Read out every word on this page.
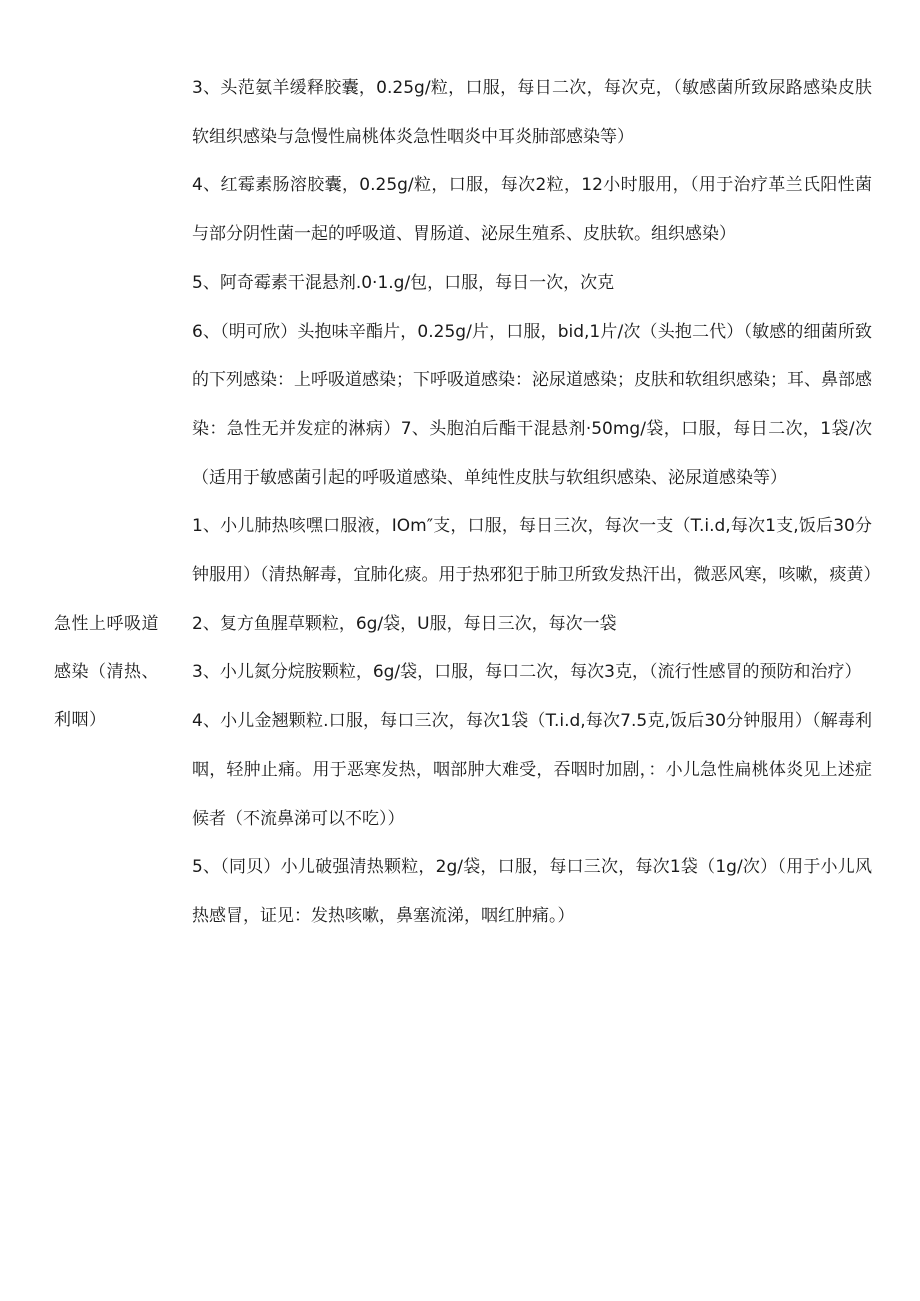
3、头范氨羊缓释胶囊，0.25g/粒，口服，每日二次，每次克，（敏感菌所致尿路感染皮肤软组织感染与急慢性扁桃体炎急性咽炎中耳炎肺部感染等）

4、红霉素肠溶胶囊，0.25g∕粒，口服，每次2粒，12小时服用，（用于治疗革兰氏阳性菌与部分阴性菌一起的呼吸道、胃肠道、泌尿生殖系、皮肤软。组织感染）

5、阿奇霉素干混悬剂.0·1.g/包，口服，每日一次，次克

6、（明可欣）头抱味辛酯片，0.25g/片，口服，bid,1片/次（头抱二代）（敏感的细菌所致的下列感染：上呼吸道感染；下呼吸道感染：泌尿道感染；皮肤和软组织感染；耳、鼻部感染：急性无并发症的淋病）7、头胞泊后酯干混悬剂·50mg∕袋，口服，每日二次，1袋/次（适用于敏感菌引起的呼吸道感染、单纯性皮肤与软组织感染、泌尿道感染等）

1、小儿肺热咳嘿口服液，IOm″支，口服，每日三次，每次一支（T.i.d,每次1支,饭后30分钟服用）（清热解毒，宜肺化痰。用于热邪犯于肺卫所致发热汗出，微恶风寒，咳嗽，痰黄）

2、复方鱼腥草颗粒，6g∕袋，U服，每日三次，每次一袋

3、小儿氮分烷胺颗粒，6g∕袋，口服，每口二次，每次3克，（流行性感冒的预防和治疗）

4、小儿金翘颗粒.口服，每口三次，每次1袋（T.i.d,每次7.5克,饭后30分钟服用）（解毒利咽，轻肿止痛。用于恶寒发热，咽部肿大难受，吞咽时加剧，：小儿急性扁桃体炎见上述症候者（不流鼻涕可以不吃））

5、（同贝）小儿破强清热颗粒，2g∕袋，口服，每口三次，每次1袋（1g/次）（用于小儿风热感冒，证见：发热咳嗽，鼻塞流涕，咽红肿痛。）

急性上呼吸道感染（清热、利咽）
